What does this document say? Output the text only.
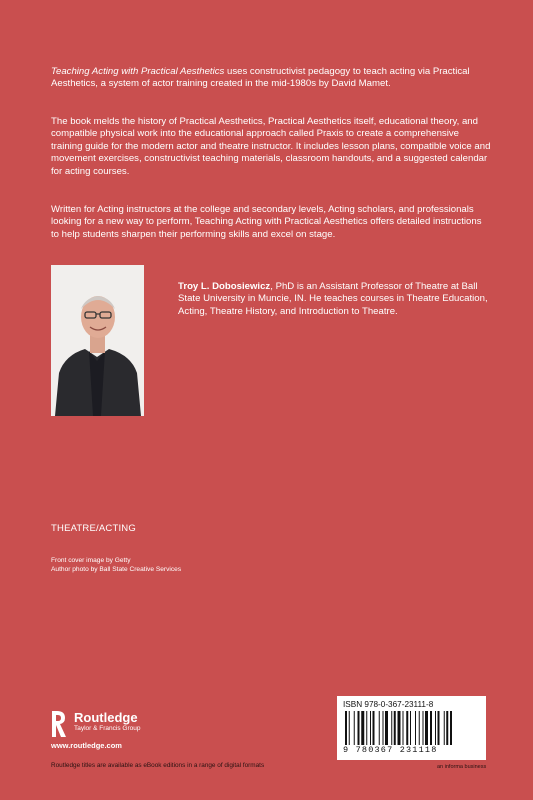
Teaching Acting with Practical Aesthetics uses constructivist pedagogy to teach acting via Practical Aesthetics, a system of actor training created in the mid-1980s by David Mamet.

The book melds the history of Practical Aesthetics, Practical Aesthetics itself, educational theory, and compatible physical work into the educational approach called Praxis to create a comprehensive training guide for the modern actor and theatre instructor. It includes lesson plans, compatible voice and movement exercises, constructivist teaching materials, classroom handouts, and a suggested calendar for acting courses.

Written for Acting instructors at the college and secondary levels, Acting scholars, and professionals looking for a new way to perform, Teaching Acting with Practical Aesthetics offers detailed instructions to help students sharpen their performing skills and excel on stage.

Troy L. Dobosiewicz, PhD is an Assistant Professor of Theatre at Ball State University in Muncie, IN. He teaches courses in Theatre Education, Acting, Theatre History, and Introduction to Theatre.

THEATRE/ACTING
Front cover image by Getty
Author photo by Ball State Creative Services
Routledge
Taylor & Francis Group
www.routledge.com
Routledge titles are available as eBook editions in a range of digital formats
ISBN 978-0-367-23111-8
9 780367 231118
an informa business
